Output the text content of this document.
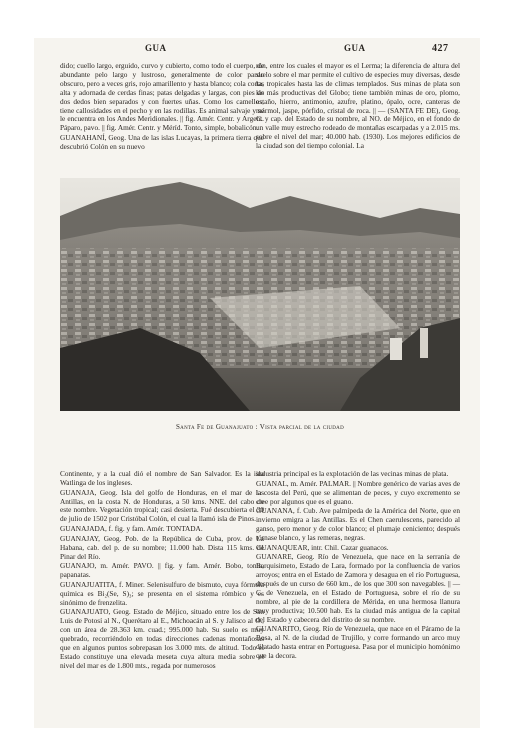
GUA	GUA	427

dido; cuello largo, erguido, curvo y cubierto, como todo el cuerpo, de abundante pelo largo y lustroso, generalmente de color pardo obscuro, pero a veces gris, rojo amarillento y hasta blanco; cola corta, alta y adornada de cerdas finas; patas delgadas y largas, con pies de dos dedos bien separados y con fuertes uñas. Como los camellos, tiene callosidades en el pecho y en las rodillas. Es animal salvaje y se le encuentra en los Andes Meridionales. || fig. Amér. Centr. y Argent. Páparo, pavo. || fig. Amér. Centr. y Méríd. Tonto, simple, bobalicón.

GUANAHANÍ, Geog. Una de las islas Lucayas, la primera tierra que descubrió Colón en su nuevo

rón, entre los cuales el mayor es el Lerma; la diferencia de altura del suelo sobre el mar permite el cultivo de especies muy diversas, desde las tropicales hasta las de climas templados. Sus minas de plata son las más productivas del Globo; tiene también minas de oro, plomo, estaño, hierro, antimonio, azufre, platino, ópalo, ocre, canteras de mármol, jaspe, pórfido, cristal de roca. || — (SANTA FE DE), Geog. C. y cap. del Estado de su nombre, al NO. de Méjico, en el fondo de un valle muy estrecho rodeado de montañas escarpadas y a 2.015 ms. sobre el nivel del mar; 40.000 hab. (1930). Los mejores edificios de la ciudad son del tiempo colonial. La

Santa Fe de Guanajuato : Vista parcial de la ciudad

Continente, y a la cual dió el nombre de San Salvador. Es la isla Watlinga de los ingleses.

GUANAJA, Geog. Isla del golfo de Honduras, en el mar de las Antillas, en la costa N. de Honduras, a 50 kms. NNE. del cabo de este nombre. Vegetación tropical; casi desierta. Fué descubierta el 30 de julio de 1502 por Cristóbal Colón, el cual la llamó isla de Pinos.

GUANAJADA, f. fig. y fam. Amér. TONTADA.

GUANAJAY, Geog. Pob. de la República de Cuba, prov. de La Habana, cab. del p. de su nombre; 11.000 hab. Dista 115 kms. de Pinar del Río.

GUANAJO, m. Amér. PAVO. || fig. y fam. Amér. Bobo, tonto, papanatas.

GUANAJUATITA, f. Miner. Selenisulfuro de bismuto, cuya fórmula química es Bi₂(Se, S)₃; se presenta en el sistema rómbico y es sinónimo de frenzelita.

GUANAJUATO, Geog. Estado de Méjico, situado entre los de San Luis de Potosí al N., Querétaro al E., Michoacán al S. y Jalisco al O., con un área de 28.363 km. cuad.; 995.000 hab. Su suelo es muy quebrado, recorriéndolo en todas direcciones cadenas montañosas que en algunos puntos sobrepasan los 3.000 mts. de altitud. Todo el Estado constituye una elevada meseta cuya altura media sobre el nivel del mar es de 1.800 mts., regada por numerosos

industria principal es la explotación de las vecinas minas de plata.

GUANAL, m. Amér. PALMAR. || Nombre genérico de varias aves de la costa del Perú, que se alimentan de peces, y cuyo excremento se cree por algunos que es el guano.

GUANANA, f. Cub. Ave palmípeda de la América del Norte, que en invierno emigra a las Antillas. Es el Chen caerulescens, parecido al ganso, pero menor y de color blanco; el plumaje ceniciento; después tórnase blanco, y las remeras, negras.

GUANAQUEAR, intr. Chil. Cazar guanacos.

GUANARE, Geog. Río de Venezuela, que nace en la serranía de Barquisimeto, Estado de Lara, formado por la confluencia de varios arroyos; entra en el Estado de Zamora y desagua en el río Portuguesa, después de un curso de 660 km., de los que 300 son navegables. || — C. de Venezuela, en el Estado de Portuguesa, sobre el río de su nombre, al pie de la cordillera de Mérida, en una hermosa llanura muy productiva; 10.500 hab. Es la ciudad más antigua de la capital del Estado y cabecera del distrito de su nombre.

GUANARITO, Geog. Río de Venezuela, que nace en el Páramo de la Rosa, al N. de la ciudad de Trujillo, y corre formando un arco muy dilatado hasta entrar en Portuguesa. Pasa por el municipio homónimo que la decora.
